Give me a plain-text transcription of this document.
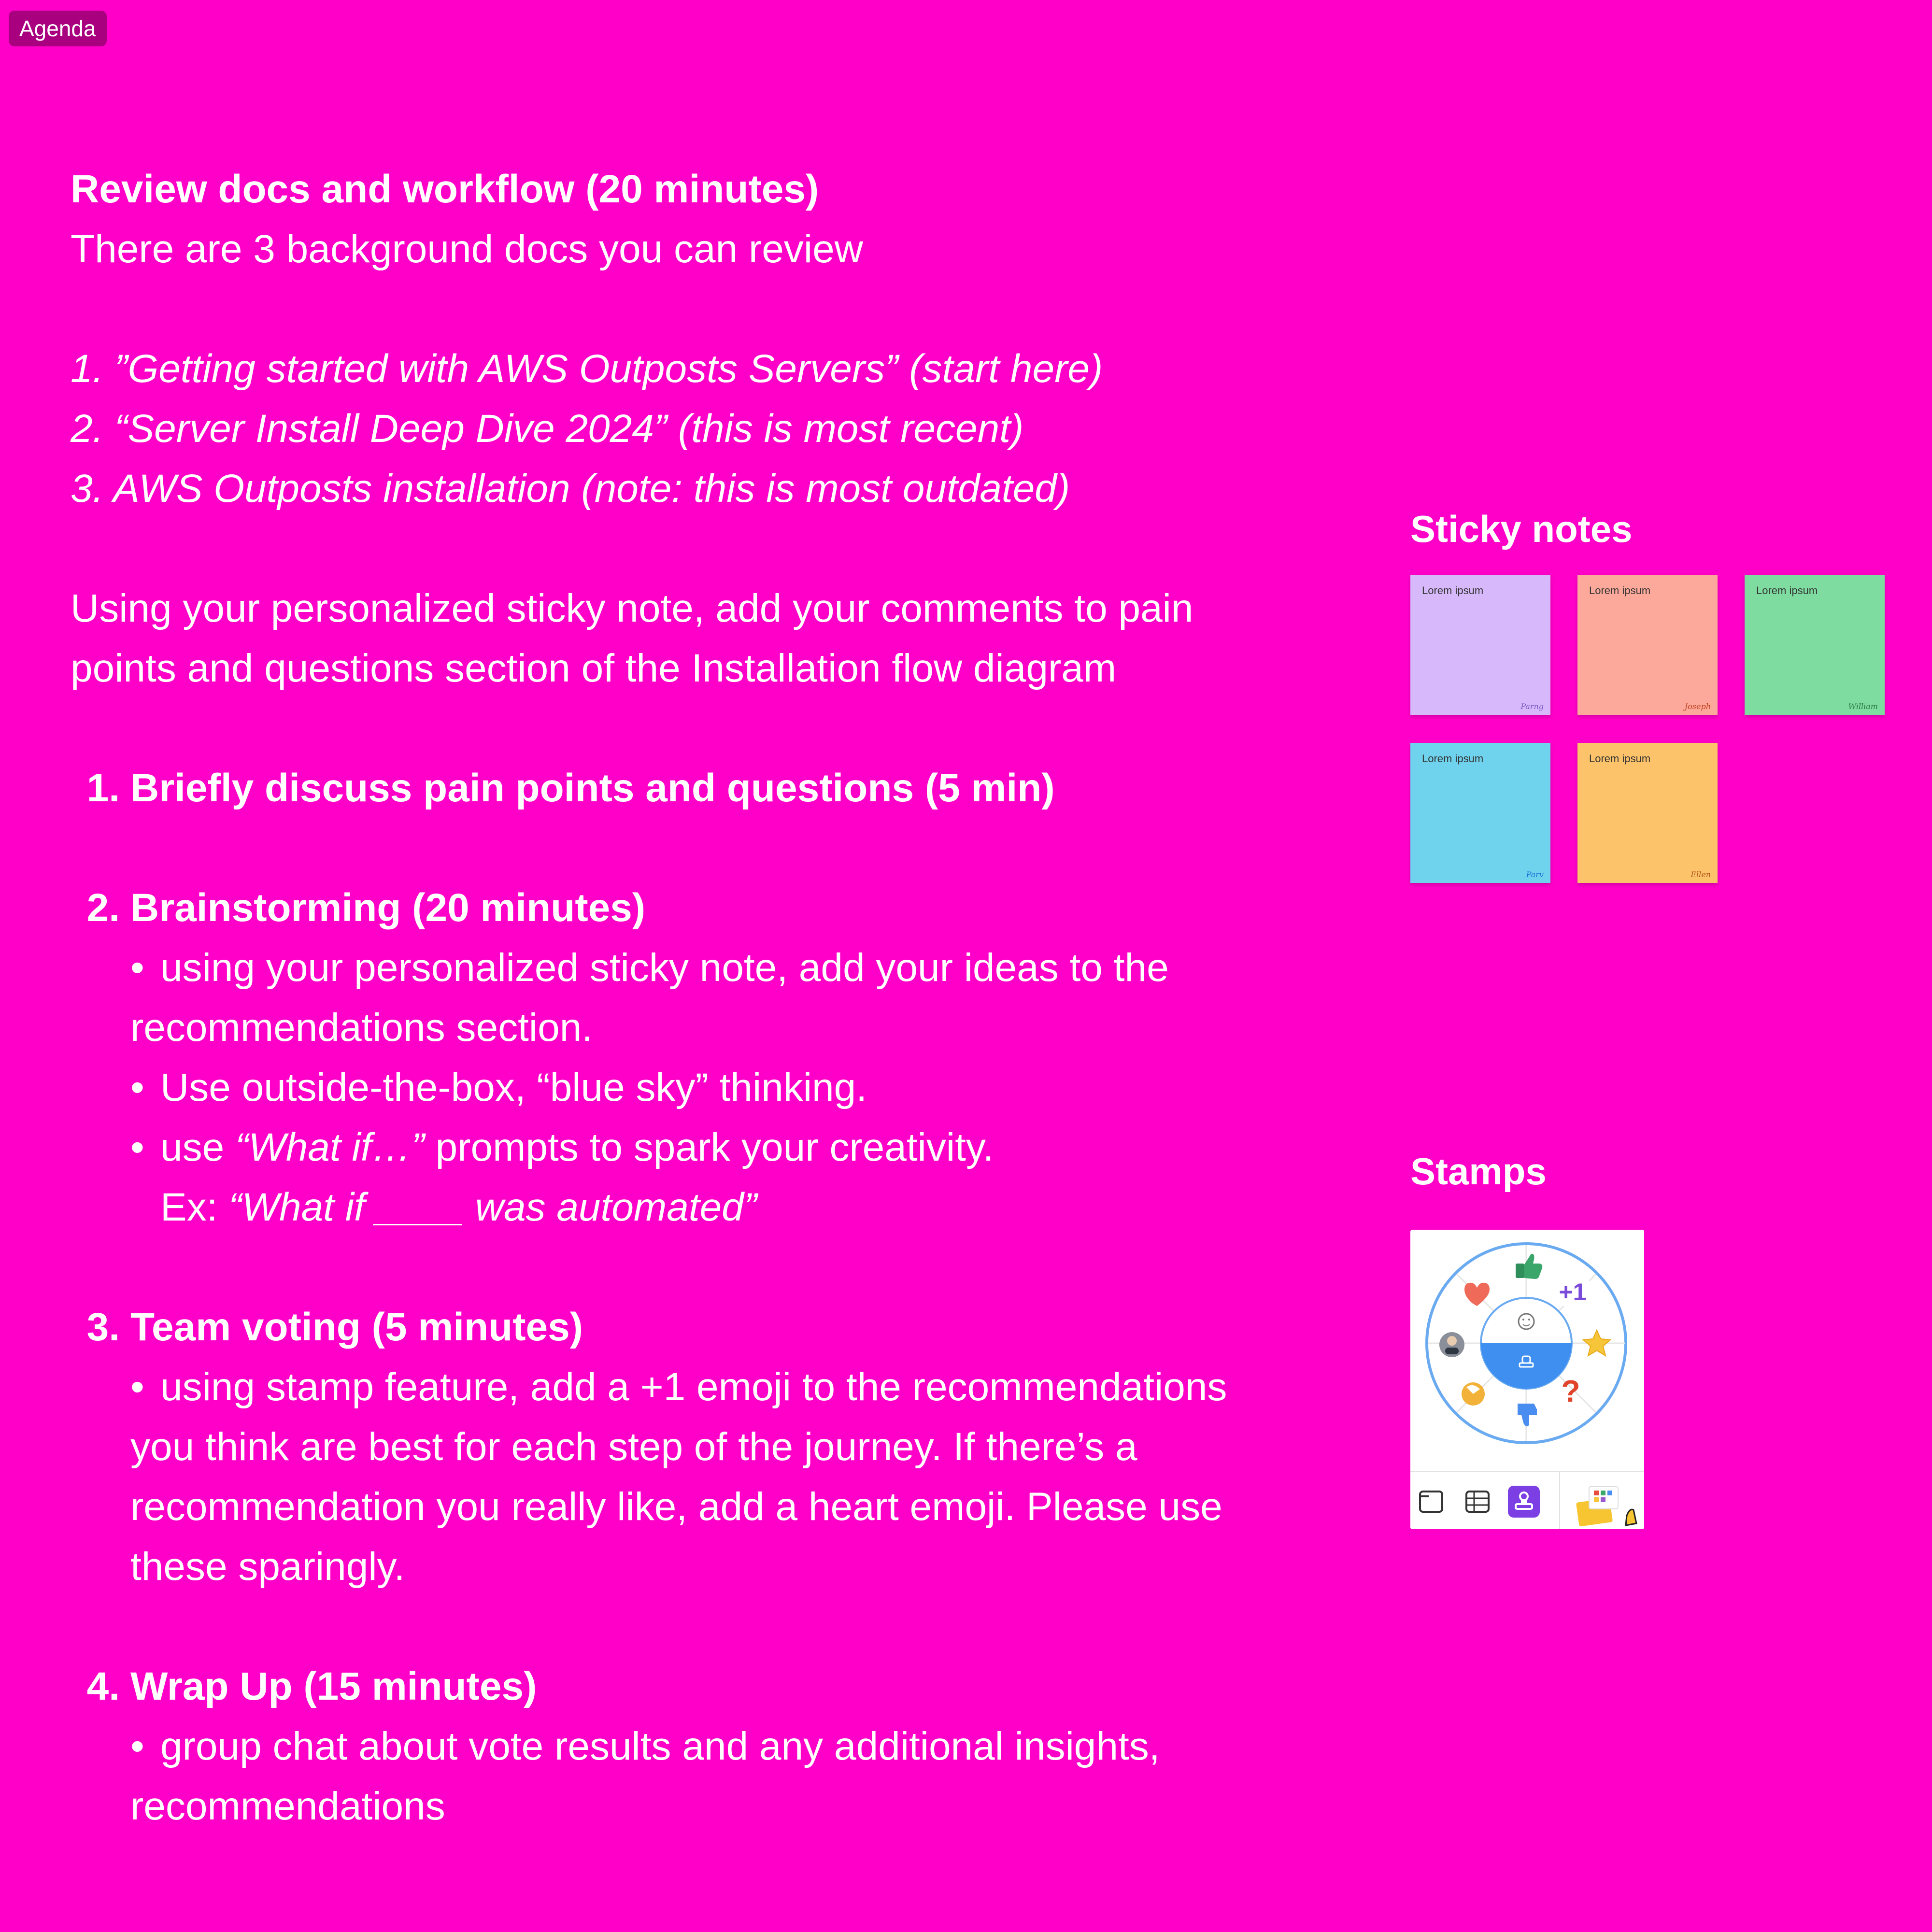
Agenda
Review docs and workflow (20 minutes)
There are 3 background docs you can review
1. ”Getting started with AWS Outposts Servers” (start here)
2. “Server Install Deep Dive 2024” (this is most recent)
3. AWS Outposts installation (note: this is most outdated)
Using your personalized sticky note, add your comments to pain
points and questions section of the Installation flow diagram
1. Briefly discuss pain points and questions (5 min)
2. Brainstorming (20 minutes)
• using your personalized sticky note, add your ideas to the
recommendations section.
• Use outside-the-box, “blue sky” thinking.
• use “What if…” prompts to spark your creativity.
Ex: “What if ____ was automated”
3. Team voting (5 minutes)
• using stamp feature, add a +1 emoji to the recommendations
you think are best for each step of the journey. If there’s a
recommendation you really like, add a heart emoji. Please use
these sparingly.
4. Wrap Up (15 minutes)
• group chat about vote results and any additional insights,
recommendations
Sticky notes
Lorem ipsum
Parng
Lorem ipsum
Joseph
Lorem ipsum
William
Lorem ipsum
Parv
Lorem ipsum
Ellen
Stamps
+1
?
